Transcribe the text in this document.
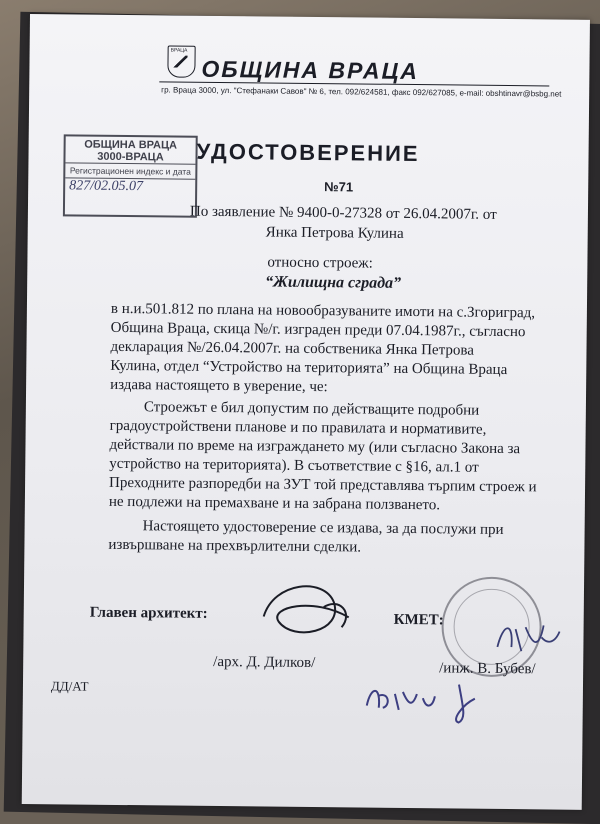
ВРАЦА
ОБЩИНА ВРАЦА
гр. Враца 3000, ул. "Стефанаки Савов" № 6, тел. 092/624581, факс 092/627085, e-mail: obshtinavr@bsbg.net
ОБЩИНА ВРАЦА
3000-ВРАЦА
Регистрационен индекс и дата
827/02.05.07
УДОСТОВЕРЕНИЕ
№71
По заявление № 9400-0-27328 от 26.04.2007г. от
Янка Петрова Кулина
относно строеж:
“Жилищна сграда”
в н.и.501.812 по плана на новообразуваните имоти на с.Згориград,
Община Враца, скица №/г. изграден преди 07.04.1987г., съгласно
декларация №/26.04.2007г. на собственика Янка Петрова
Кулина, отдел “Устройство на територията” на Община Враца
издава настоящето в уверение, че:
Строежът е бил допустим по действащите подробни
градоустройствени планове и по правилата и нормативите,
действали по време на изграждането му (или съгласно Закона за
устройство на територията). В съответствие с §16, ал.1 от
Преходните разпоредби на ЗУТ той представлява търпим строеж и
не подлежи на премахване и на забрана ползването.
Настоящето удостоверение се издава, за да послужи при
извършване на прехвърлителни сделки.
Главен архитект:
/арх. Д. Дилков/
КМЕТ:
/инж. В. Бубев/
ДД/АТ
